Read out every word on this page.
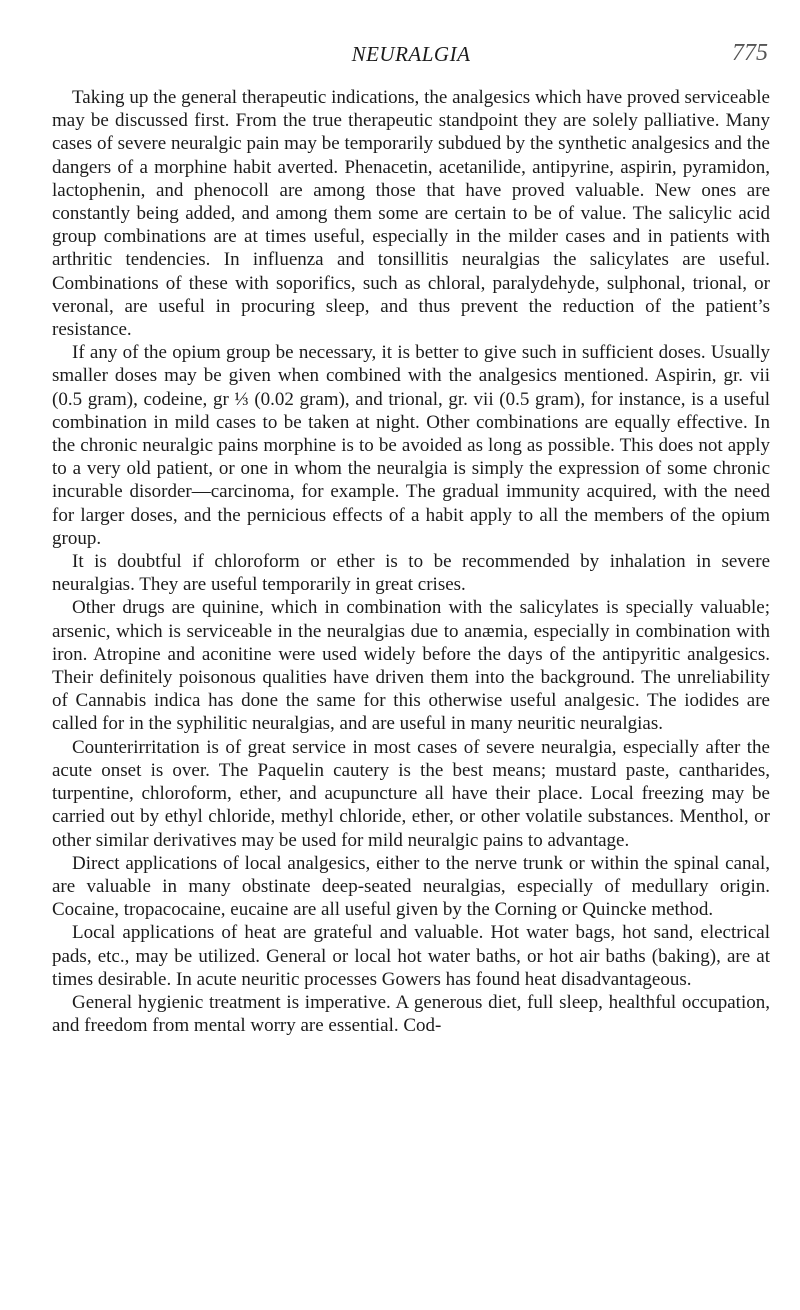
NEURALGIA	775

Taking up the general therapeutic indications, the analgesics which have proved serviceable may be discussed first. From the true therapeutic standpoint they are solely palliative. Many cases of severe neuralgic pain may be temporarily subdued by the synthetic analgesics and the dangers of a morphine habit averted. Phenacetin, acetanilide, antipyrine, aspirin, pyramidon, lactophenin, and phenocoll are among those that have proved valuable. New ones are constantly being added, and among them some are certain to be of value. The salicylic acid group combinations are at times useful, especially in the milder cases and in patients with arthritic tendencies. In influenza and tonsillitis neuralgias the salicylates are useful. Combinations of these with soporifics, such as chloral, paralydehyde, sulphonal, trional, or veronal, are useful in procuring sleep, and thus prevent the reduction of the patient’s resistance.

If any of the opium group be necessary, it is better to give such in sufficient doses. Usually smaller doses may be given when combined with the analgesics mentioned. Aspirin, gr. vii (0.5 gram), codeine, gr ⅓ (0.02 gram), and trional, gr. vii (0.5 gram), for instance, is a useful combination in mild cases to be taken at night. Other combinations are equally effective. In the chronic neuralgic pains morphine is to be avoided as long as possible. This does not apply to a very old patient, or one in whom the neuralgia is simply the expression of some chronic incurable disorder—carcinoma, for example. The gradual immunity acquired, with the need for larger doses, and the pernicious effects of a habit apply to all the members of the opium group.

It is doubtful if chloroform or ether is to be recommended by inhalation in severe neuralgias. They are useful temporarily in great crises.

Other drugs are quinine, which in combination with the salicylates is specially valuable; arsenic, which is serviceable in the neuralgias due to anæmia, especially in combination with iron. Atropine and aconitine were used widely before the days of the antipyritic analgesics. Their definitely poisonous qualities have driven them into the background. The unreliability of Cannabis indica has done the same for this otherwise useful analgesic. The iodides are called for in the syphilitic neuralgias, and are useful in many neuritic neuralgias.

Counterirritation is of great service in most cases of severe neuralgia, especially after the acute onset is over. The Paquelin cautery is the best means; mustard paste, cantharides, turpentine, chloroform, ether, and acupuncture all have their place. Local freezing may be carried out by ethyl chloride, methyl chloride, ether, or other volatile substances. Menthol, or other similar derivatives may be used for mild neuralgic pains to advantage.

Direct applications of local analgesics, either to the nerve trunk or within the spinal canal, are valuable in many obstinate deep-seated neuralgias, especially of medullary origin. Cocaine, tropacocaine, eucaine are all useful given by the Corning or Quincke method.

Local applications of heat are grateful and valuable. Hot water bags, hot sand, electrical pads, etc., may be utilized. General or local hot water baths, or hot air baths (baking), are at times desirable. In acute neuritic processes Gowers has found heat disadvantageous.

General hygienic treatment is imperative. A generous diet, full sleep, healthful occupation, and freedom from mental worry are essential. Cod-
